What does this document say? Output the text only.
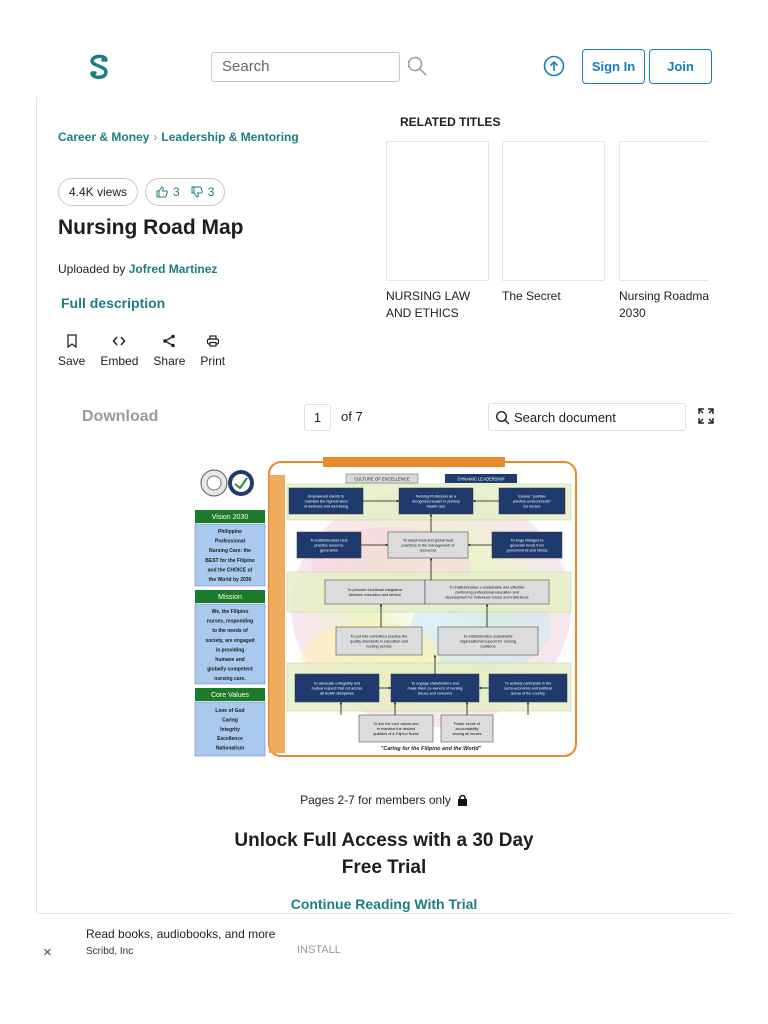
Search	Sign In	Join
Career & Money › Leadership & Mentoring
4.4K views	3 3
Nursing Road Map
Uploaded by Jofred Martinez
Full description
Save Embed Share Print
RELATED TITLES
NURSING LAW
AND ETHICS
The Secret	Nursing Roadma
2030
Download	1	of 7	Search document
Vision 2030
Philippine
Professional
Nursing Care: the
BEST for the Filipino
and the CHOICE of
the World by 2030
Mission
We, the Filipino
nurses, responding
to the needs of
society, are engaged
in providing
humane and
globally competent
nursing care.
Core Values
Love of God
Caring
Integrity
Excellence
Nationalism
CULTURE OF EXCELLENCE	DYNAMIC LEADERSHIP
Empowered clients to
maintain the highest level
of wellness and well-being
Nursing Profession as a
recognized leader in primary
health care
Ensure "positive
practice environments"
for nurses
To institutionalize best
practice resource
generation
To adopt local and global best
practices in the management of
resources
To forge linkages to
generate funds from
governments and NGOs
To promote functional integration
between education and service
To institutionalize a sustainable and effective
continuing professional education and
development for individual nurses and institutions
To put into committed practice the
quality standards in education and
nursing service
To institutionalize sustainable
organizational support for nursing
positions
To advocate collegiality and
mutual respect that cut across
all health disciplines
To engage stakeholders and
make them co-owners of nursing
issues and concerns
To actively participate in the
socio-economic and political
arena of the country
To live the core values and
to manifest the desired
qualities of a Filipino Nurse
Foster sense of
accountability
among all nurses
"Caring for the Filipino and the World"
Pages 2-7 for members only
Unlock Full Access with a 30 Day
Free Trial
Continue Reading With Trial
×
Read books, audiobooks, and more
Scribd, Inc	INSTALL
